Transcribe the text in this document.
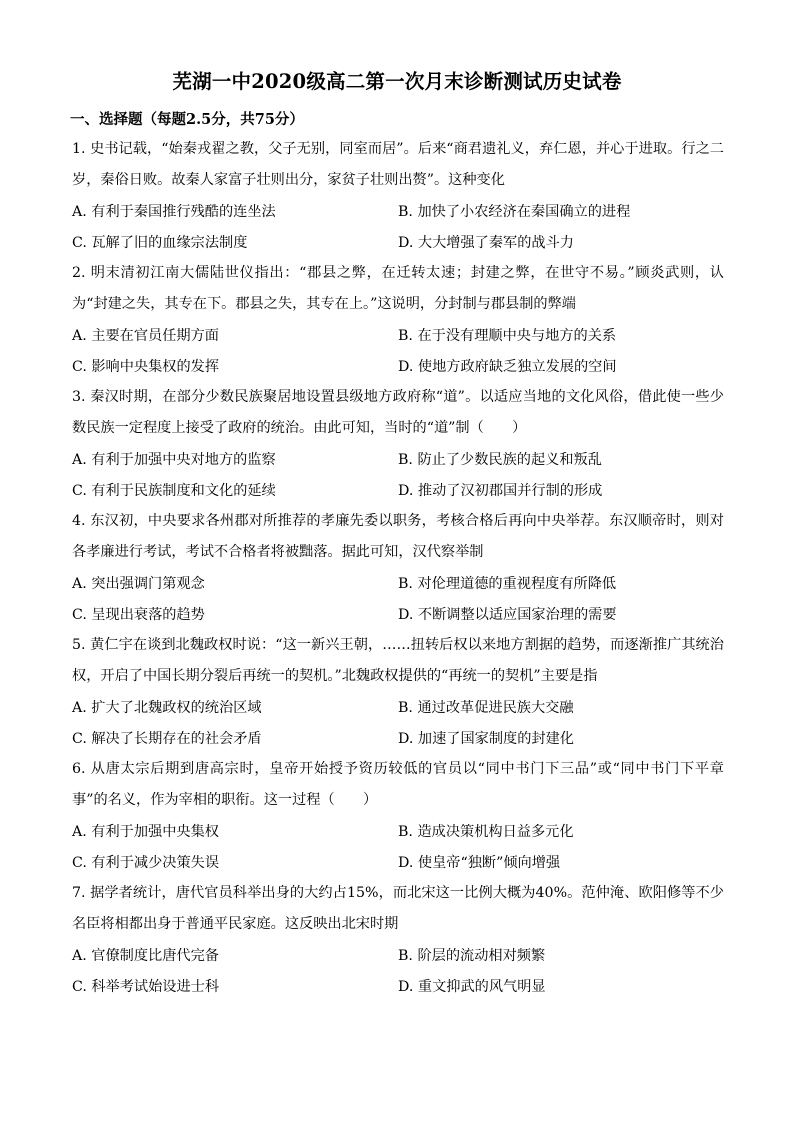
芜湖一中2020级高二第一次月末诊断测试历史试卷
一、选择题（每题2.5分，共75分）
1. 史书记载，“始秦戎翟之教，父子无别，同室而居”。后来“商君遗礼义，弃仁恩，并心于进取。行之二岁，秦俗日败。故秦人家富子壮则出分，家贫子壮则出赘”。这种变化
A. 有利于秦国推行残酷的连坐法	B. 加快了小农经济在秦国确立的进程
C. 瓦解了旧的血缘宗法制度	D. 大大增强了秦军的战斗力
2. 明末清初江南大儒陆世仪指出：“郡县之弊，在迁转太速；封建之弊，在世守不易。”顾炎武则，认为“封建之失，其专在下。郡县之失，其专在上。”这说明，分封制与郡县制的弊端
A. 主要在官员任期方面	B. 在于没有理顺中央与地方的关系
C. 影响中央集权的发挥	D. 使地方政府缺乏独立发展的空间
3. 秦汉时期，在部分少数民族聚居地设置县级地方政府称“道”。以适应当地的文化风俗，借此使一些少数民族一定程度上接受了政府的统治。由此可知，当时的“道”制（　　）
A. 有利于加强中央对地方的监察	B. 防止了少数民族的起义和叛乱
C. 有利于民族制度和文化的延续	D. 推动了汉初郡国并行制的形成
4. 东汉初，中央要求各州郡对所推荐的孝廉先委以职务，考核合格后再向中央举荐。东汉顺帝时，则对各孝廉进行考试，考试不合格者将被黜落。据此可知，汉代察举制
A. 突出强调门第观念	B. 对伦理道德的重视程度有所降低
C. 呈现出衰落的趋势	D. 不断调整以适应国家治理的需要
5. 黄仁宇在谈到北魏政权时说：“这一新兴王朝，……扭转后权以来地方割据的趋势，而逐渐推广其统治权，开启了中国长期分裂后再统一的契机。”北魏政权提供的“再统一的契机”主要是指
A. 扩大了北魏政权的统治区域	B. 通过改革促进民族大交融
C. 解决了长期存在的社会矛盾	D. 加速了国家制度的封建化
6. 从唐太宗后期到唐高宗时，皇帝开始授予资历较低的官员以“同中书门下三品”或“同中书门下平章事”的名义，作为宰相的职衔。这一过程（　　）
A. 有利于加强中央集权	B. 造成决策机构日益多元化
C. 有利于减少决策失误	D. 使皇帝“独断”倾向增强
7. 据学者统计，唐代官员科举出身的大约占15%，而北宋这一比例大概为40%。范仲淹、欧阳修等不少名臣将相都出身于普通平民家庭。这反映出北宋时期
A. 官僚制度比唐代完备	B. 阶层的流动相对频繁
C. 科举考试始设进士科	D. 重文抑武的风气明显
